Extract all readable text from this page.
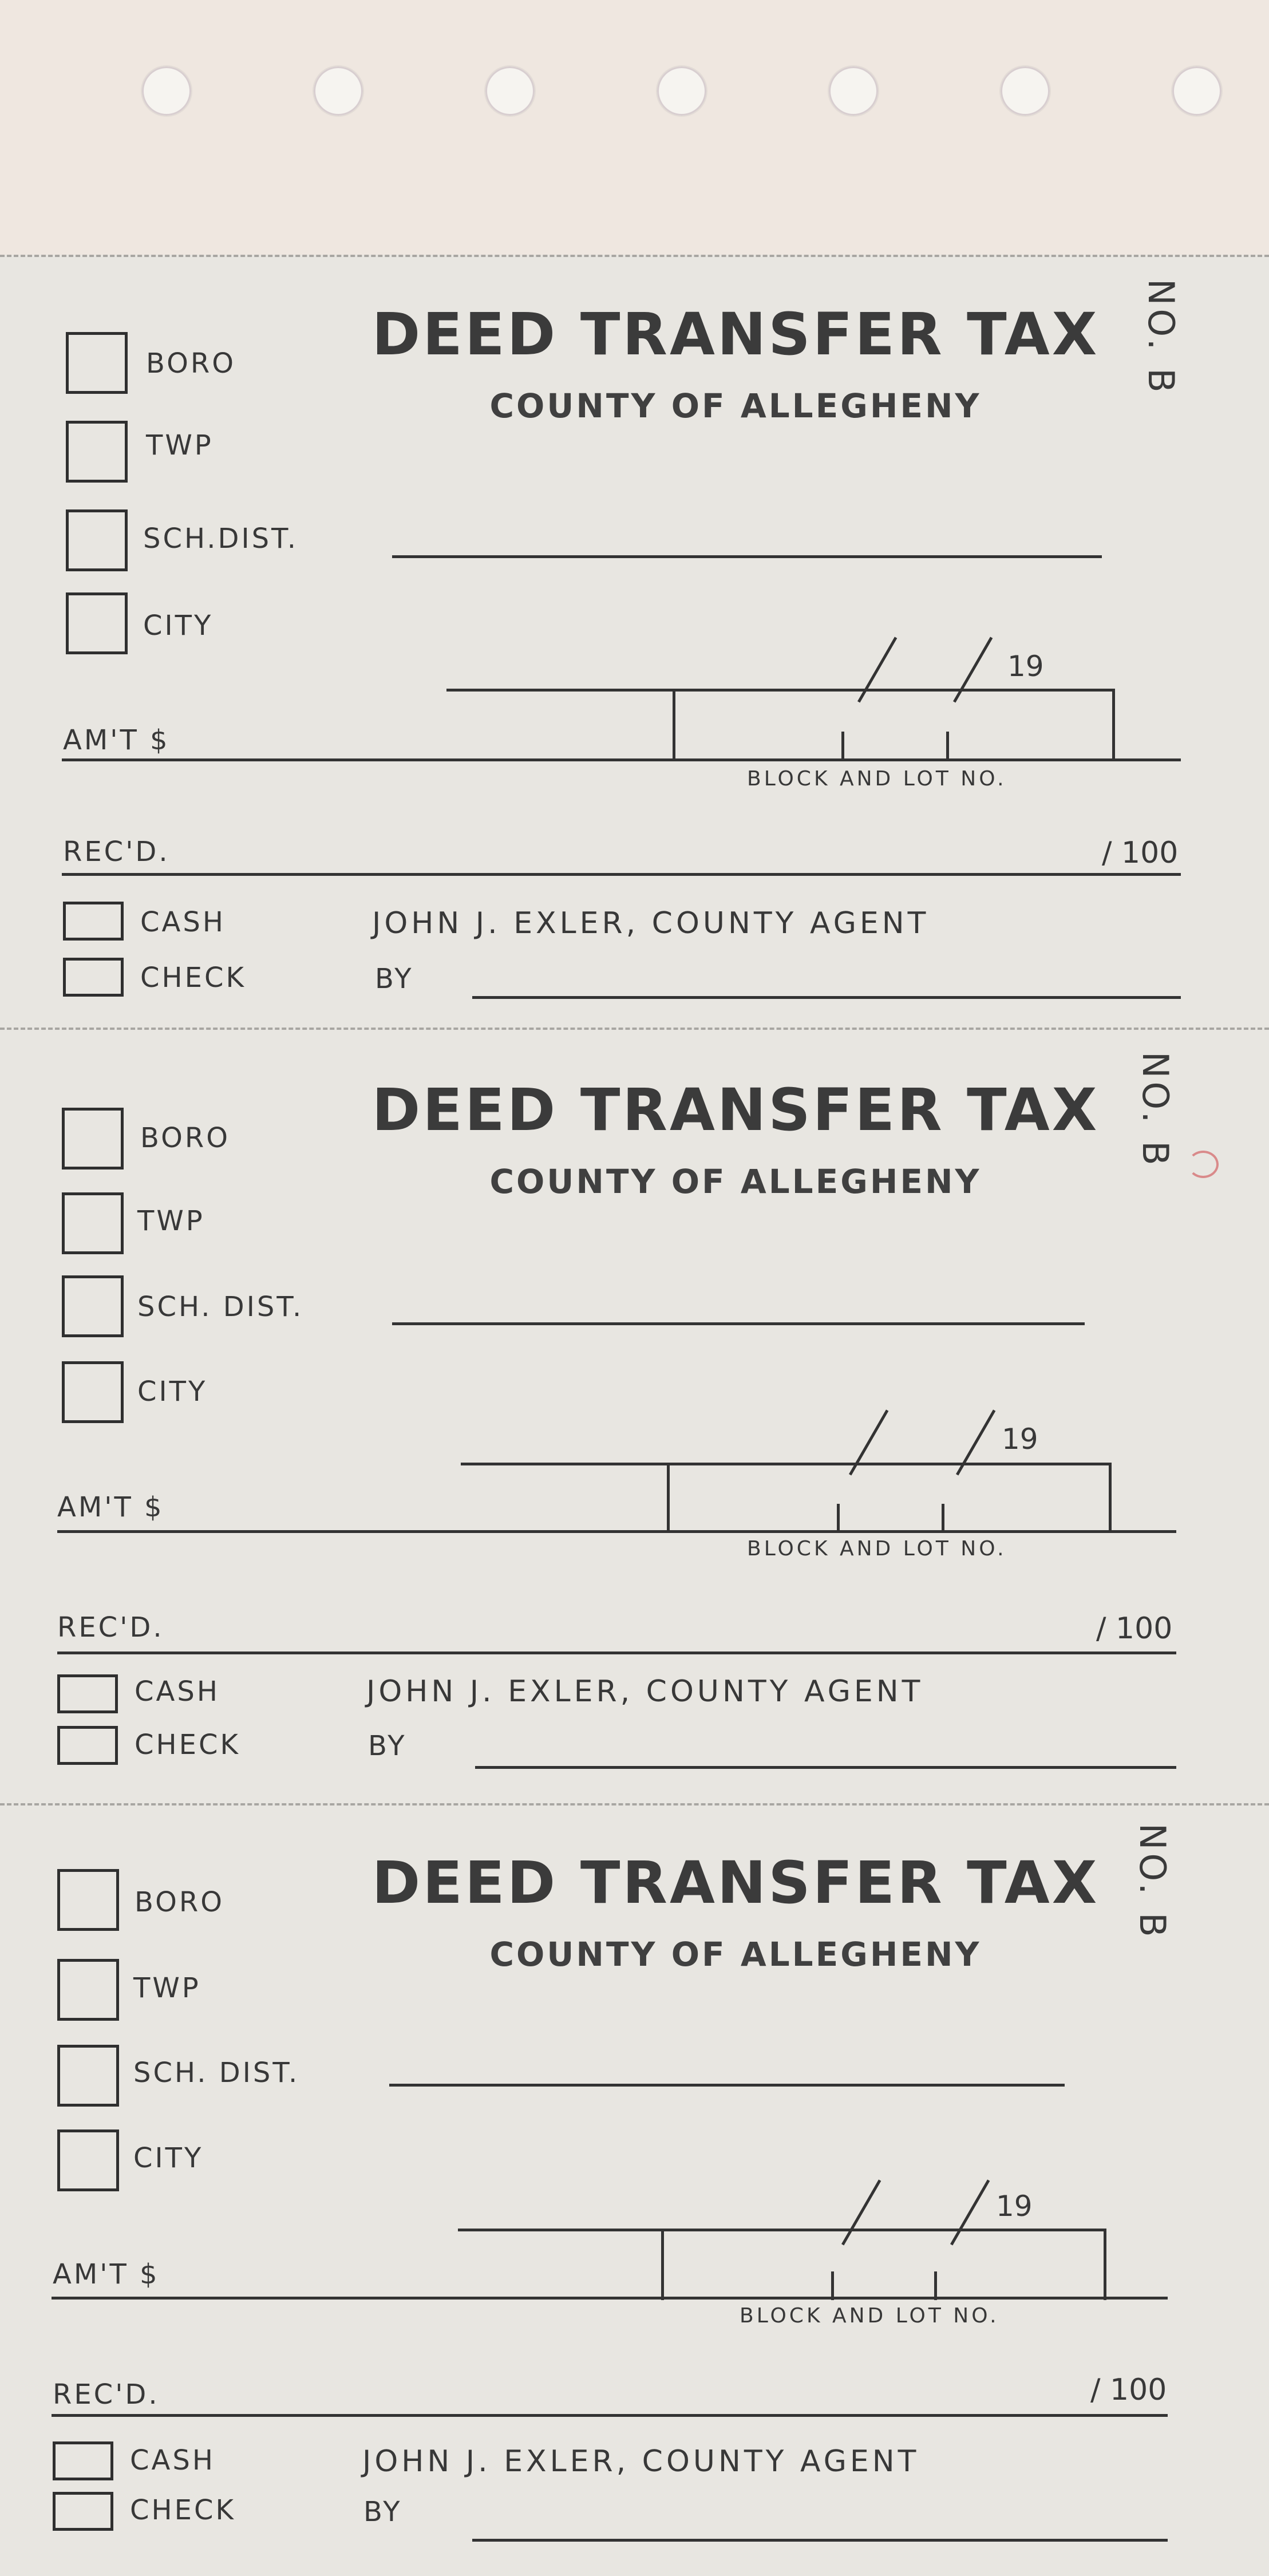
DEED TRANSFER TAX
COUNTY OF ALLEGHENY
NO. B
BORO
TWP
SCH.DIST.
CITY
19
AM'T $
BLOCK AND LOT NO.
REC'D.	/ 100
CASH	JOHN J. EXLER, COUNTY AGENT
CHECK	BY
DEED TRANSFER TAX
COUNTY OF ALLEGHENY
NO. B
BORO
TWP
SCH. DIST.
CITY
19
AM'T $
BLOCK AND LOT NO.
REC'D.	/ 100
CASH	JOHN J. EXLER, COUNTY AGENT
CHECK	BY
DEED TRANSFER TAX
COUNTY OF ALLEGHENY
NO. B
BORO
TWP
SCH. DIST.
CITY
19
AM'T $
BLOCK AND LOT NO.
REC'D.	/ 100
CASH	JOHN J. EXLER, COUNTY AGENT
CHECK	BY
